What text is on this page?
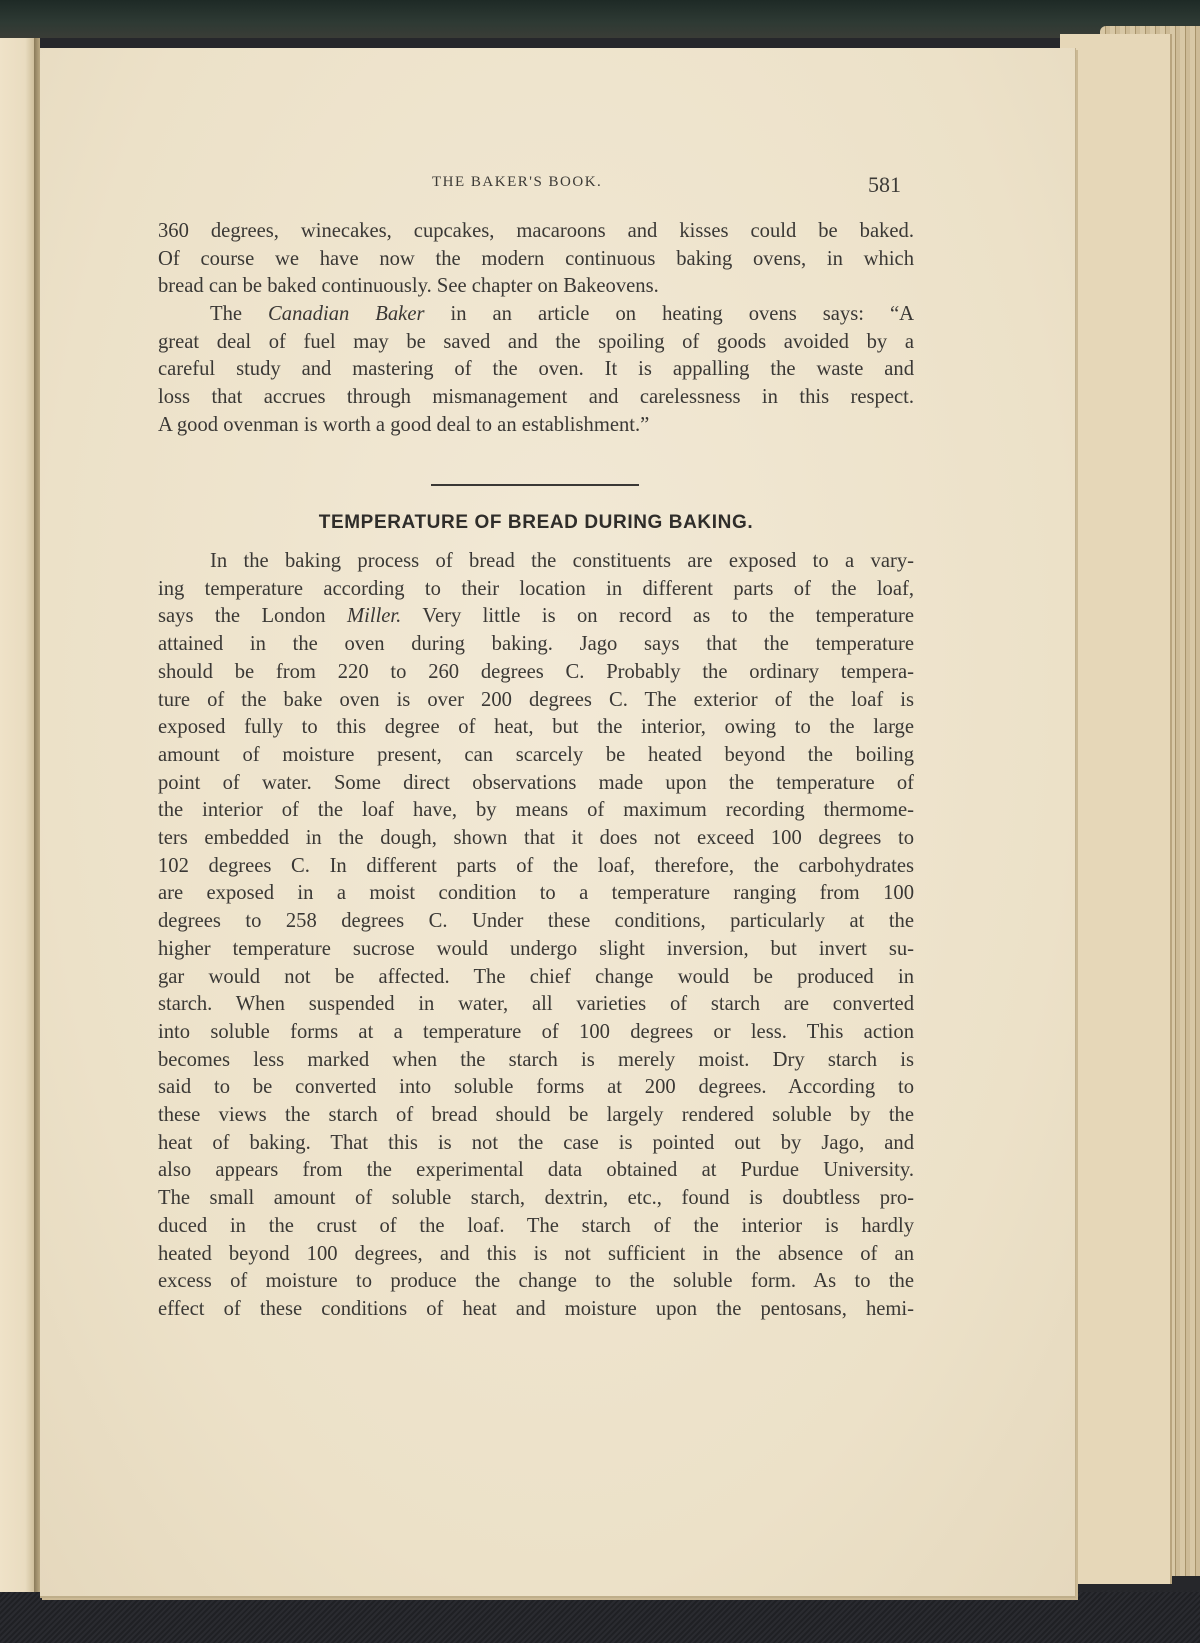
THE BAKER'S BOOK.	581
360 degrees, winecakes, cupcakes, macaroons and kisses could be baked.
Of course we have now the modern continuous baking ovens, in which
bread can be baked continuously. See chapter on Bakeovens.
The Canadian Baker in an article on heating ovens says: “A
great deal of fuel may be saved and the spoiling of goods avoided by a
careful study and mastering of the oven. It is appalling the waste and
loss that accrues through mismanagement and carelessness in this respect.
A good ovenman is worth a good deal to an establishment.”
TEMPERATURE OF BREAD DURING BAKING.
In the baking process of bread the constituents are exposed to a vary-
ing temperature according to their location in different parts of the loaf,
says the London Miller. Very little is on record as to the temperature
attained in the oven during baking. Jago says that the temperature
should be from 220 to 260 degrees C. Probably the ordinary tempera-
ture of the bake oven is over 200 degrees C. The exterior of the loaf is
exposed fully to this degree of heat, but the interior, owing to the large
amount of moisture present, can scarcely be heated beyond the boiling
point of water. Some direct observations made upon the temperature of
the interior of the loaf have, by means of maximum recording thermome-
ters embedded in the dough, shown that it does not exceed 100 degrees to
102 degrees C. In different parts of the loaf, therefore, the carbohydrates
are exposed in a moist condition to a temperature ranging from 100
degrees to 258 degrees C. Under these conditions, particularly at the
higher temperature sucrose would undergo slight inversion, but invert su-
gar would not be affected. The chief change would be produced in
starch. When suspended in water, all varieties of starch are converted
into soluble forms at a temperature of 100 degrees or less. This action
becomes less marked when the starch is merely moist. Dry starch is
said to be converted into soluble forms at 200 degrees. According to
these views the starch of bread should be largely rendered soluble by the
heat of baking. That this is not the case is pointed out by Jago, and
also appears from the experimental data obtained at Purdue University.
The small amount of soluble starch, dextrin, etc., found is doubtless pro-
duced in the crust of the loaf. The starch of the interior is hardly
heated beyond 100 degrees, and this is not sufficient in the absence of an
excess of moisture to produce the change to the soluble form. As to the
effect of these conditions of heat and moisture upon the pentosans, hemi-
